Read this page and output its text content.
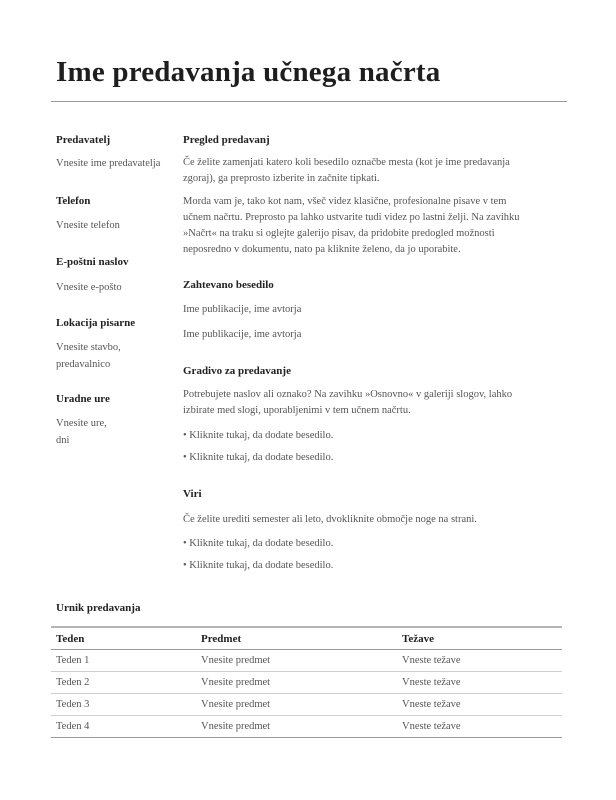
Ime predavanja učnega načrta

Predavatelj

Vnesite ime predavatelja

Telefon

Vnesite telefon

E-poštni naslov

Vnesite e-pošto

Lokacija pisarne

Vnesite stavbo,

predavalnico

Uradne ure

Vnesite ure,

dni

Pregled predavanj

Če želite zamenjati katero koli besedilo označbe mesta (kot je ime predavanja

zgoraj), ga preprosto izberite in začnite tipkati.

Morda vam je, tako kot nam, všeč videz klasične, profesionalne pisave v tem

učnem načrtu. Preprosto pa lahko ustvarite tudi videz po lastni želji. Na zavihku

»Načrt« na traku si oglejte galerijo pisav, da pridobite predogled možnosti

neposredno v dokumentu, nato pa kliknite želeno, da jo uporabite.

Zahtevano besedilo

Ime publikacije, ime avtorja

Ime publikacije, ime avtorja

Gradivo za predavanje

Potrebujete naslov ali oznako? Na zavihku »Osnovno« v galeriji slogov, lahko

izbirate med slogi, uporabljenimi v tem učnem načrtu.

• Kliknite tukaj, da dodate besedilo.

• Kliknite tukaj, da dodate besedilo.

Viri

Če želite urediti semester ali leto, dvokliknite območje noge na strani.

• Kliknite tukaj, da dodate besedilo.

• Kliknite tukaj, da dodate besedilo.

Urnik predavanja

Teden	Predmet	Težave
Teden 1	Vnesite predmet	Vneste težave
Teden 2	Vnesite predmet	Vneste težave
Teden 3	Vnesite predmet	Vneste težave
Teden 4	Vnesite predmet	Vneste težave
